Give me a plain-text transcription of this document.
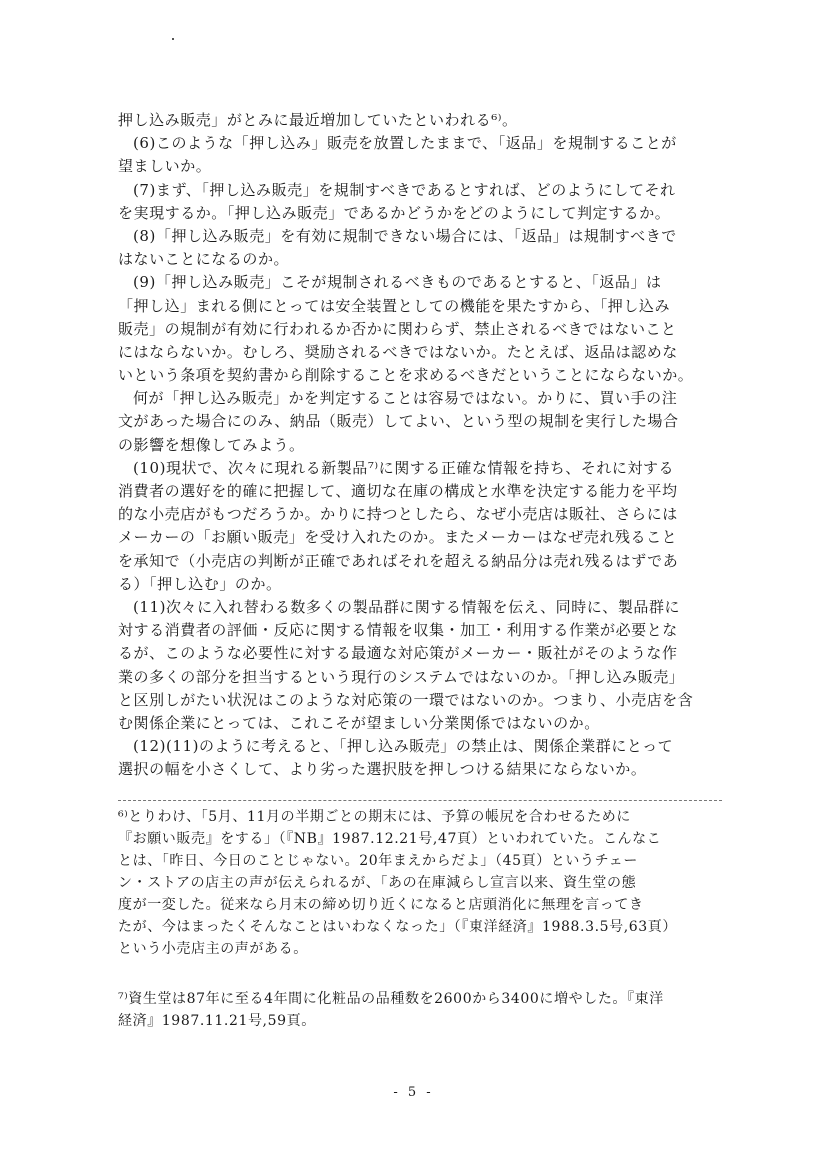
押し込み販売」がとみに最近増加していたといわれる⁶⁾。
(6)このような「押し込み」販売を放置したままで、「返品」を規制することが
望ましいか。
(7)まず、「押し込み販売」を規制すべきであるとすれば、どのようにしてそれ
を実現するか。「押し込み販売」であるかどうかをどのようにして判定するか。
(8)「押し込み販売」を有効に規制できない場合には、「返品」は規制すべきで
はないことになるのか。
(9)「押し込み販売」こそが規制されるべきものであるとすると、「返品」は
「押し込」まれる側にとっては安全装置としての機能を果たすから、「押し込み
販売」の規制が有効に行われるか否かに関わらず、禁止されるべきではないこと
にはならないか。むしろ、奨励されるべきではないか。たとえば、返品は認めな
いという条項を契約書から削除することを求めるべきだということにならないか。
何が「押し込み販売」かを判定することは容易ではない。かりに、買い手の注
文があった場合にのみ、納品（販売）してよい、という型の規制を実行した場合
の影響を想像してみよう。
(10)現状で、次々に現れる新製品⁷⁾に関する正確な情報を持ち、それに対する
消費者の選好を的確に把握して、適切な在庫の構成と水準を決定する能力を平均
的な小売店がもつだろうか。かりに持つとしたら、なぜ小売店は販社、さらには
メーカーの「お願い販売」を受け入れたのか。またメーカーはなぜ売れ残ること
を承知で（小売店の判断が正確であればそれを超える納品分は売れ残るはずであ
る）「押し込む」のか。
(11)次々に入れ替わる数多くの製品群に関する情報を伝え、同時に、製品群に
対する消費者の評価・反応に関する情報を収集・加工・利用する作業が必要とな
るが、このような必要性に対する最適な対応策がメーカー・販社がそのような作
業の多くの部分を担当するという現行のシステムではないのか。「押し込み販売」
と区別しがたい状況はこのような対応策の一環ではないのか。つまり、小売店を含
む関係企業にとっては、これこそが望ましい分業関係ではないのか。
(12)(11)のように考えると、「押し込み販売」の禁止は、関係企業群にとって
選択の幅を小さくして、より劣った選択肢を押しつける結果にならないか。
⁶⁾とりわけ、「5月、11月の半期ごとの期末には、予算の帳尻を合わせるために
『お願い販売』をする」（『NB』1987.12.21号,47頁）といわれていた。こんなこ
とは、「昨日、今日のことじゃない。20年まえからだよ」（45頁）というチェー
ン・ストアの店主の声が伝えられるが、「あの在庫減らし宣言以来、資生堂の態
度が一変した。従来なら月末の締め切り近くになると店頭消化に無理を言ってき
たが、今はまったくそんなことはいわなくなった」（『東洋経済』1988.3.5号,63頁）
という小売店主の声がある。
⁷⁾資生堂は87年に至る4年間に化粧品の品種数を2600から3400に増やした。『東洋
経済』1987.11.21号,59頁。
- 5 -
